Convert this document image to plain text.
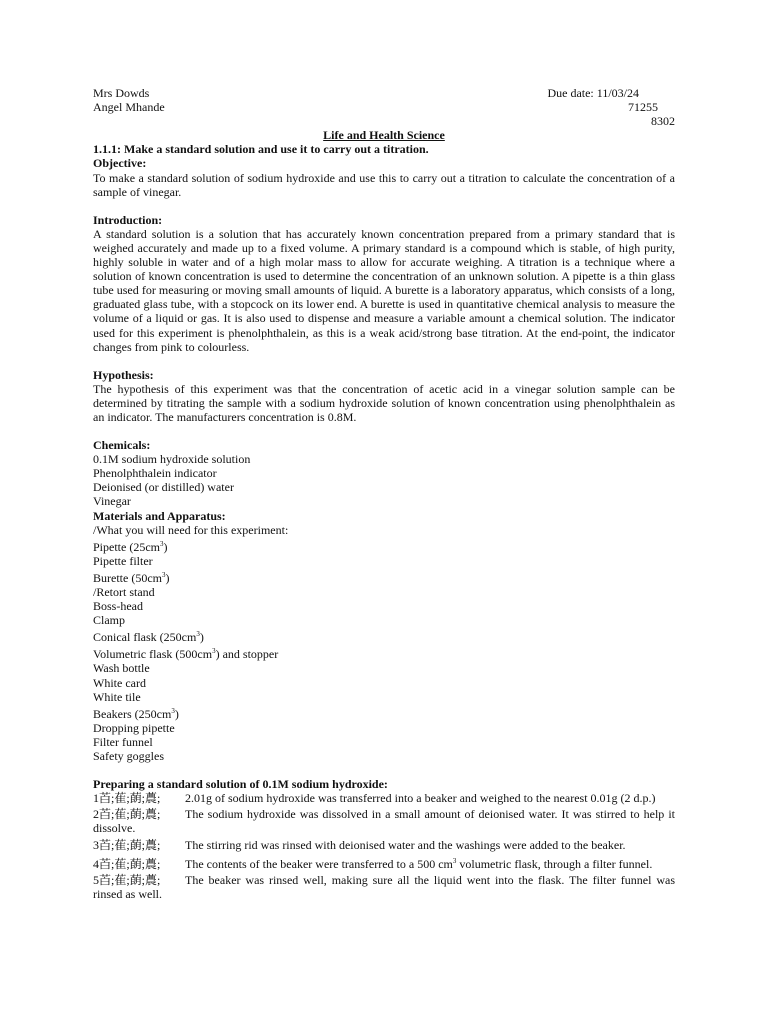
Mrs Dowds	Due date: 11/03/24
Angel Mhande	71255

8302

Life and Health Science

1.1.1: Make a standard solution and use it to carry out a titration.

Objective:

To make a standard solution of sodium hydroxide and use this to carry out a titration to calculate the concentration of a sample of vinegar.

Introduction:

A standard solution is a solution that has accurately known concentration prepared from a primary standard that is weighed accurately and made up to a fixed volume. A primary standard is a compound which is stable, of high purity, highly soluble in water and of a high molar mass to allow for accurate weighing. A titration is a technique where a solution of known concentration is used to determine the concentration of an unknown solution. A pipette is a thin glass tube used for measuring or moving small amounts of liquid. A burette is a laboratory apparatus, which consists of a long, graduated glass tube, with a stopcock on its lower end. A burette is used in quantitative chemical analysis to measure the volume of a liquid or gas. It is also used to dispense and measure a variable amount a chemical solution. The indicator used for this experiment is phenolphthalein, as this is a weak acid/strong base titration. At the end-point, the indicator changes from pink to colourless.

Hypothesis:

The hypothesis of this experiment was that the concentration of acetic acid in a vinegar solution sample can be determined by titrating the sample with a sodium hydroxide solution of known concentration using phenolphthalein as an indicator. The manufacturers concentration is 0.8M.

Chemicals:

0.1M sodium hydroxide solution

Phenolphthalein indicator

Deionised (or distilled) water

Vinegar

Materials and Apparatus:

/What you will need for this experiment:

Pipette $(25cm^3)$

Pipette filter

Burette $(50cm^3)$

/Retort stand

Boss-head

Clamp

Conical flask $(250cm^3)$

Volumetric flask $(500cm^3)$ and stopper

Wash bottle

White card

White tile

Beakers $(250cm^3)$

Dropping pipette

Filter funnel

Safety goggles

Preparing a standard solution of 0.1M sodium hydroxide:

1苩;萑;蓢;蕽; 2.01g of sodium hydroxide was transferred into a beaker and weighed to the nearest 0.01g (2 d.p.)

2苩;萑;蓢;蕽; The sodium hydroxide was dissolved in a small amount of deionised water. It was stirred to help it dissolve.

3苩;萑;蓢;蕽; The stirring rid was rinsed with deionised water and the washings were added to the beaker.

4苩;萑;蓢;蕽; The contents of the beaker were transferred to a 500 $cm^3$ volumetric flask, through a filter funnel.

5苩;萑;蓢;蕽; The beaker was rinsed well, making sure all the liquid went into the flask. The filter funnel was rinsed as well.
